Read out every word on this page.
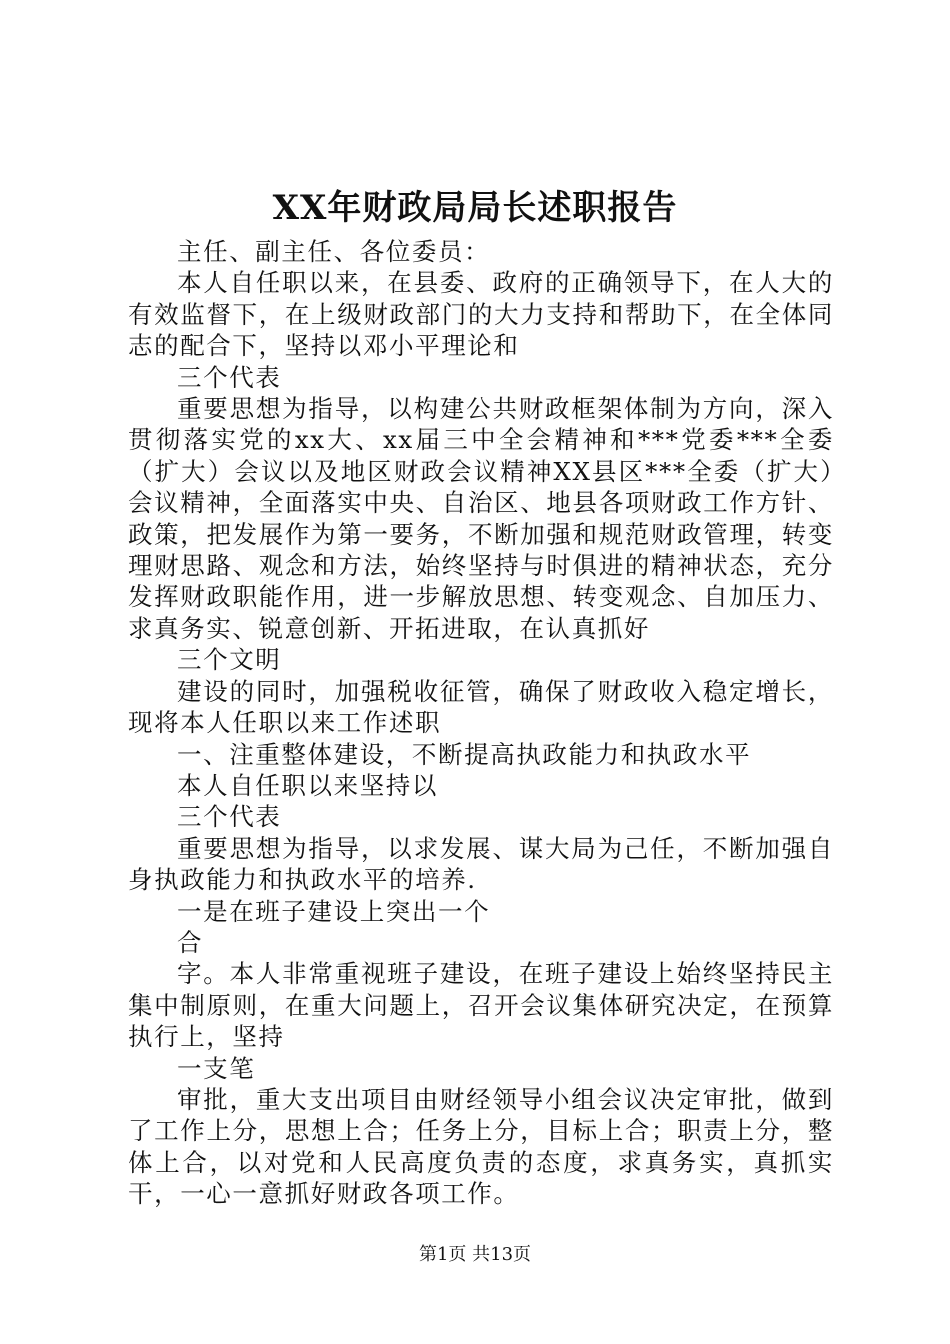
XX年财政局局长述职报告

主任、副主任、各位委员：

本人自任职以来，在县委、政府的正确领导下，在人大的有效监督下，在上级财政部门的大力支持和帮助下，在全体同志的配合下，坚持以邓小平理论和

三个代表

重要思想为指导，以构建公共财政框架体制为方向，深入贯彻落实党的xx大、xx届三中全会精神和***党委***全委（扩大）会议以及地区财政会议精神XX县区***全委（扩大）会议精神，全面落实中央、自治区、地县各项财政工作方针、政策，把发展作为第一要务，不断加强和规范财政管理，转变理财思路、观念和方法，始终坚持与时俱进的精神状态，充分发挥财政职能作用，进一步解放思想、转变观念、自加压力、求真务实、锐意创新、开拓进取，在认真抓好

三个文明

建设的同时，加强税收征管，确保了财政收入稳定增长，现将本人任职以来工作述职

一、注重整体建设，不断提高执政能力和执政水平

本人自任职以来坚持以

三个代表

重要思想为指导，以求发展、谋大局为己任，不断加强自身执政能力和执政水平的培养.

一是在班子建设上突出一个

合

字。本人非常重视班子建设，在班子建设上始终坚持民主集中制原则，在重大问题上，召开会议集体研究决定，在预算执行上，坚持

一支笔

审批，重大支出项目由财经领导小组会议决定审批，做到了工作上分，思想上合；任务上分，目标上合；职责上分，整体上合，以对党和人民高度负责的态度，求真务实，真抓实干，一心一意抓好财政各项工作。

第1页 共13页
